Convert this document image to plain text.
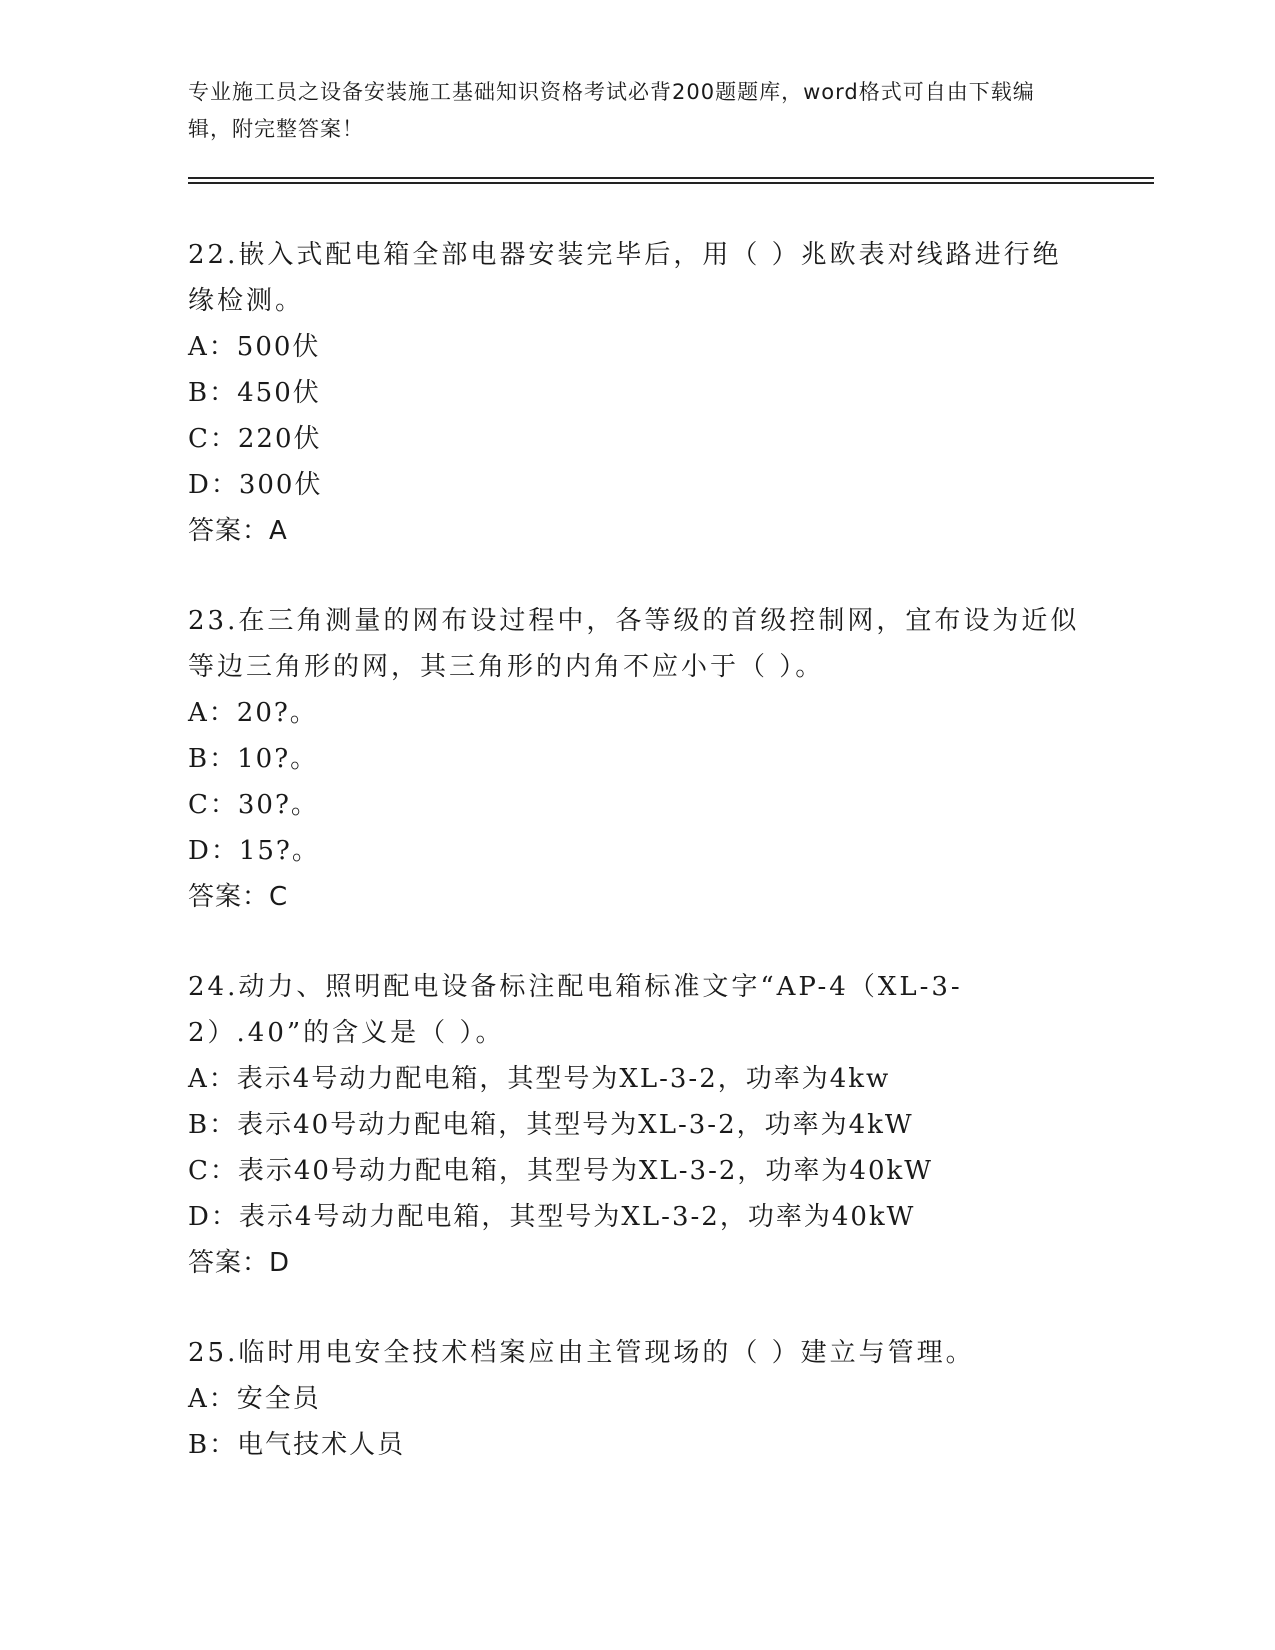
专业施工员之设备安装施工基础知识资格考试必背200题题库，word格式可自由下载编辑，附完整答案！
22.嵌入式配电箱全部电器安装完毕后，用（ ）兆欧表对线路进行绝缘检测。
A：500伏
B：450伏
C：220伏
D：300伏
答案：A
23.在三角测量的网布设过程中，各等级的首级控制网，宜布设为近似等边三角形的网，其三角形的内角不应小于（ ）。
A：20?。
B：10?。
C：30?。
D：15?。
答案：C
24.动力、照明配电设备标注配电箱标准文字“AP-4（XL-3-2）.40”的含义是（ ）。
A：表示4号动力配电箱，其型号为XL-3-2，功率为4kw
B：表示40号动力配电箱，其型号为XL-3-2，功率为4kW
C：表示40号动力配电箱，其型号为XL-3-2，功率为40kW
D：表示4号动力配电箱，其型号为XL-3-2，功率为40kW
答案：D
25.临时用电安全技术档案应由主管现场的（ ）建立与管理。
A：安全员
B：电气技术人员
